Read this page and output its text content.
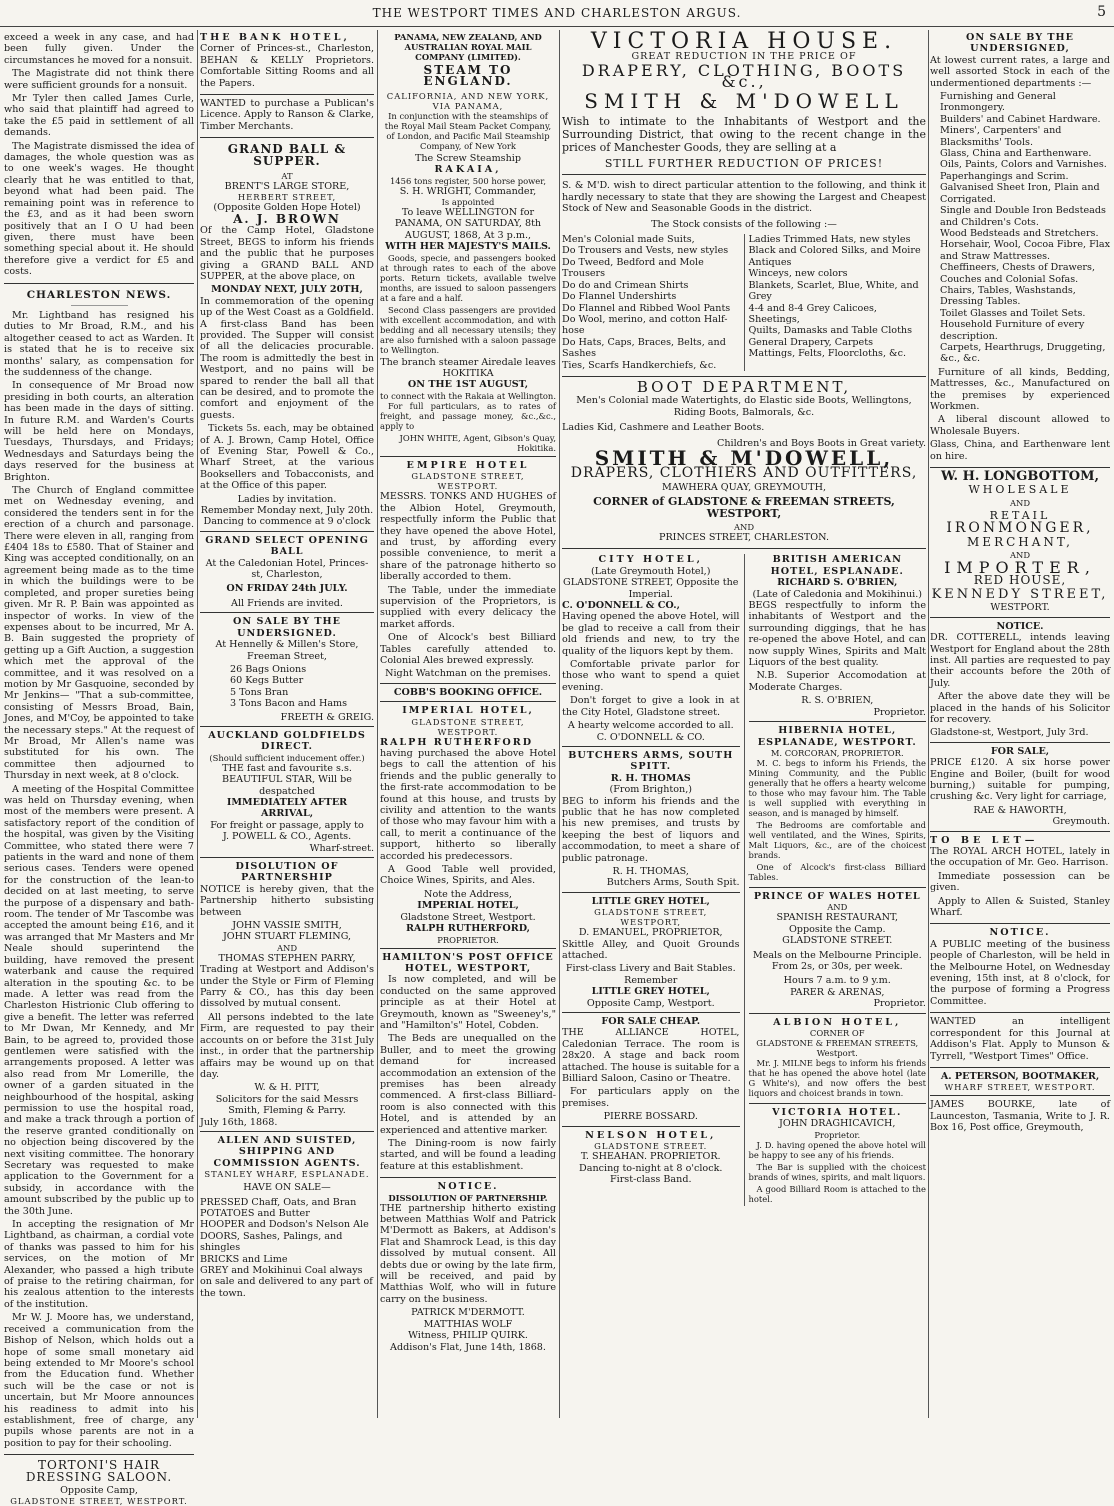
THE WESTPORT TIMES AND CHARLESTON ARGUS.	5

exceed a week in any case, and had been fully given. Under the circumstances he moved for a nonsuit.

The Magistrate did not think there were sufficient grounds for a nonsuit.

Mr Tyler then called James Curle, who said that plaintiff had agreed to take the £5 paid in settlement of all demands.

The Magistrate dismissed the idea of damages, the whole question was as to one week's wages. He thought clearly that he was entitled to that, beyond what had been paid. The remaining point was in reference to the £3, and as it had been sworn positively that an I O U had been given, there must have been something special about it. He should therefore give a verdict for £5 and costs.

CHARLESTON NEWS.

Mr. Lightband has resigned his duties to Mr Broad, R.M., and his altogether ceased to act as Warden. It is stated that he is to receive six months' salary, as compensation for the suddenness of the change.

In consequence of Mr Broad now presiding in both courts, an alteration has been made in the days of sitting. In future R.M. and Warden's Courts will be held here on Mondays, Tuesdays, Thursdays, and Fridays; Wednesdays and Saturdays being the days reserved for the business at Brighton.

The Church of England committee met on Wednesday evening, and considered the tenders sent in for the erection of a church and parsonage. There were eleven in all, ranging from £404 18s to £580. That of Stainer and King was accepted conditionally, on an agreement being made as to the time in which the buildings were to be completed, and proper sureties being given. Mr R. P. Bain was appointed as inspector of works. In view of the expenses about to be incurred, Mr A. B. Bain suggested the propriety of getting up a Gift Auction, a suggestion which met the approval of the committee, and it was resolved on a motion by Mr Gasquoine, seconded by Mr Jenkins— "That a sub-committee, consisting of Messrs Broad, Bain, Jones, and M'Coy, be appointed to take the necessary steps." At the request of Mr Broad, Mr Allen's name was substituted for his own. The committee then adjourned to Thursday in next week, at 8 o'clock.

A meeting of the Hospital Committee was held on Thursday evening, when most of the members were present. A satisfactory report of the condition of the hospital, was given by the Visiting Committee, who stated there were 7 patients in the ward and none of them serious cases. Tenders were opened for the construction of the lean-to decided on at last meeting, to serve the purpose of a dispensary and bath-room. The tender of Mr Tascombe was accepted the amount being £16, and it was arranged that Mr Masters and Mr Neale should superintend the building, have removed the present waterbank and cause the required alteration in the spouting &c. to be made. A letter was read from the Charleston Histrionic Club offering to give a benefit. The letter was referred to Mr Dwan, Mr Kennedy, and Mr Bain, to be agreed to, provided those gentlemen were satisfied with the arrangements proposed. A letter was also read from Mr Lomerille, the owner of a garden situated in the neighbourhood of the hospital, asking permission to use the hospital road, and make a track through a portion of the reserve granted conditionally on no objection being discovered by the next visiting committee. The honorary Secretary was requested to make application to the Government for a subsidy, in accordance with the amount subscribed by the public up to the 30th June.

In accepting the resignation of Mr Lightband, as chairman, a cordial vote of thanks was passed to him for his services, on the motion of Mr Alexander, who passed a high tribute of praise to the retiring chairman, for his zealous attention to the interests of the institution.

Mr W. J. Moore has, we understand, received a communication from the Bishop of Nelson, which holds out a hope of some small monetary aid being extended to Mr Moore's school from the Education fund. Whether such will be the case or not is uncertain, but Mr Moore announces his readiness to admit into his establishment, free of charge, any pupils whose parents are not in a position to pay for their schooling.

TORTONI'S HAIR DRESSING SALOON.
Opposite Camp,
GLADSTONE STREET, WESTPORT.
THE BANK HOTEL,

Corner of Princes-st., Charleston, BEHAN & KELLY Proprietors. Comfortable Sitting Rooms and all the Papers.

WANTED to purchase a Publican's Licence. Apply to Ranson & Clarke, Timber Merchants.

GRAND BALL & SUPPER.
AT
BRENT'S LARGE STORE,
HERBERT STREET,
(Opposite Golden Hope Hotel)
A. J. BROWN

Of the Camp Hotel, Gladstone Street, BEGS to inform his friends and the public that he purposes giving a GRAND BALL AND SUPPER, at the above place, on

MONDAY NEXT, JULY 20TH,

In commemoration of the opening up of the West Coast as a Goldfield. A first-class Band has been provided. The Supper will consist of all the delicacies procurable. The room is admittedly the best in Westport, and no pains will be spared to render the ball all that can be desired, and to promote the comfort and enjoyment of the guests.

Tickets 5s. each, may be obtained of A. J. Brown, Camp Hotel, Office of Evening Star, Powell & Co., Wharf Street, at the various Booksellers and Tobacconists, and at the Office of this paper.

Ladies by invitation.
Remember Monday next, July 20th.
Dancing to commence at 9 o'clock
GRAND SELECT OPENING BALL
At the Caledonian Hotel, Princes-st, Charleston,
ON FRIDAY 24th JULY.
All Friends are invited.
ON SALE BY THE UNDERSIGNED.
At Hennelly & Millen's Store,
Freeman Street,
26 Bags Onions
60 Kegs Butter
5 Tons Bran
3 Tons Bacon and Hams
FREETH & GREIG.
AUCKLAND GOLDFIELDS DIRECT.
(Should sufficient inducement offer.)
THE fast and favourite s.s. BEAUTIFUL STAR, Will be despatched
IMMEDIATELY AFTER ARRIVAL,
For freight or passage, apply to
J. POWELL & CO., Agents.
Wharf-street.
DISOLUTION OF PARTNERSHIP

NOTICE is hereby given, that the Partnership hitherto subsisting between

JOHN VASSIE SMITH,
JOHN STUART FLEMING,
AND
THOMAS STEPHEN PARRY,

Trading at Westport and Addison's under the Style or Firm of Fleming Parry & CO., has this day been dissolved by mutual consent.

All persons indebted to the late Firm, are requested to pay their accounts on or before the 31st July inst., in order that the partnership affairs may be wound up on that day.

W. & H. PITT,
Solicitors for the said Messrs Smith, Fleming & Parry.
July 16th, 1868.
ALLEN AND SUISTED, SHIPPING AND COMMISSION AGENTS.
STANLEY WHARF, ESPLANADE.
HAVE ON SALE—
PRESSED Chaff, Oats, and Bran
POTATOES and Butter
HOOPER and Dodson's Nelson Ale
DOORS, Sashes, Palings, and shingles
BRICKS and Lime
GREY and Mokihinui Coal always on sale and delivered to any part of the town.
PANAMA, NEW ZEALAND, AND AUSTRALIAN ROYAL MAIL COMPANY (LIMITED).
STEAM TO ENGLAND.
CALIFORNIA, AND NEW YORK, VIA PANAMA,

In conjunction with the steamships of the Royal Mail Steam Packet Company, of London, and Pacific Mail Steamship Company, of New York

The Screw Steamship
RAKAIA,
1456 tons register, 500 horse power,
S. H. WRIGHT, Commander,
Is appointed
To leave WELLINGTON for PANAMA, ON SATURDAY, 8th AUGUST, 1868, At 3 p.m.,
WITH HER MAJESTY'S MAILS.

Goods, specie, and passengers booked at through rates to each of the above ports. Return tickets, available twelve months, are issued to saloon passengers at a fare and a half.

Second Class passengers are provided with excellent accommodation, and with bedding and all necessary utensils; they are also furnished with a saloon passage to Wellington.

The branch steamer Airedale leaves HOKITIKA
ON THE 1ST AUGUST,
to connect with the Rakaia at Wellington.

For full particulars, as to rates of freight, and passage money, &c.,&c., apply to

JOHN WHITE, Agent, Gibson's Quay, Hokitika.
EMPIRE HOTEL
GLADSTONE STREET, WESTPORT.

MESSRS. TONKS AND HUGHES of the Albion Hotel, Greymouth, respectfully inform the Public that they have opened the above Hotel, and trust, by affording every possible convenience, to merit a share of the patronage hitherto so liberally accorded to them.

The Table, under the immediate supervision of the Proprietors, is supplied with every delicacy the market affords.

One of Alcock's best Billiard Tables carefully attended to. Colonial Ales brewed expressly.

Night Watchman on the premises.
COBB'S BOOKING OFFICE.
IMPERIAL HOTEL,
GLADSTONE STREET, WESTPORT.
RALPH RUTHERFORD

having purchased the above Hotel begs to call the attention of his friends and the public generally to the first-rate accommodation to be found at this house, and trusts by civility and attention to the wants of those who may favour him with a call, to merit a continuance of the support, hitherto so liberally accorded his predecessors.

A Good Table well provided, Choice Wines, Spirits, and Ales.

Note the Address,
IMPERIAL HOTEL,
Gladstone Street, Westport.
RALPH RUTHERFORD,
PROPRIETOR.
HAMILTON'S POST OFFICE HOTEL, WESTPORT,

Is now completed, and will be conducted on the same approved principle as at their Hotel at Greymouth, known as "Sweeney's," and "Hamilton's" Hotel, Cobden.

The Beds are unequalled on the Buller, and to meet the growing demand for increased accommodation an extension of the premises has been already commenced. A first-class Billiard-room is also connected with this Hotel, and is attended by an experienced and attentive marker.

The Dining-room is now fairly started, and will be found a leading feature at this establishment.

NOTICE.
DISSOLUTION OF PARTNERSHIP.

THE partnership hitherto existing between Matthias Wolf and Patrick M'Dermott as Bakers, at Addison's Flat and Shamrock Lead, is this day dissolved by mutual consent. All debts due or owing by the late firm, will be received, and paid by Matthias Wolf, who will in future carry on the business.

PATRICK M'DERMOTT.
MATTHIAS WOLF
Witness, PHILIP QUIRK.
Addison's Flat, June 14th, 1868.
VICTORIA HOUSE.
GREAT REDUCTION IN THE PRICE OF
DRAPERY, CLOTHING, BOOTS &c.,
SMITH & M'DOWELL

Wish to intimate to the Inhabitants of Westport and the Surrounding District, that owing to the recent change in the prices of Manchester Goods, they are selling at a

STILL FURTHER REDUCTION OF PRICES!

S. & M'D. wish to direct particular attention to the following, and think it hardly necessary to state that they are showing the Largest and Cheapest Stock of New and Seasonable Goods in the district.

The Stock consists of the following :—
Men's Colonial made Suits,
Do Trousers and Vests, new styles
Do Tweed, Bedford and Mole Trousers
Do do and Crimean Shirts
Do Flannel Undershirts
Do Flannel and Ribbed Wool Pants
Do Wool, merino, and cotton Half-hose
Do Hats, Caps, Braces, Belts, and Sashes
Ties, Scarfs Handkerchiefs, &c.
Ladies Trimmed Hats, new styles
Black and Colored Silks, and Moire Antiques
Winceys, new colors
Blankets, Scarlet, Blue, White, and Grey
4-4 and 8-4 Grey Calicoes, Sheetings,
Quilts, Damasks and Table Cloths
General Drapery, Carpets
Mattings, Felts, Floorcloths, &c.
BOOT DEPARTMENT,
Men's Colonial made Watertights, do Elastic side Boots, Wellingtons, Riding Boots, Balmorals, &c.
Ladies Kid, Cashmere and Leather Boots.
Children's and Boys Boots in Great variety.
SMITH & M'DOWELL,
DRAPERS, CLOTHIERS AND OUTFITTERS,
MAWHERA QUAY, GREYMOUTH,
CORNER of GLADSTONE & FREEMAN STREETS, WESTPORT,
AND
PRINCES STREET, CHARLESTON.
CITY HOTEL,
(Late Greymouth Hotel,) GLADSTONE STREET, Opposite the Imperial.
C. O'DONNELL & CO.,

Having opened the above Hotel, will be glad to receive a call from their old friends and new, to try the quality of the liquors kept by them.

Comfortable private parlor for those who want to spend a quiet evening.

Don't forget to give a look in at the City Hotel, Gladstone street.

A hearty welcome accorded to all.
C. O'DONNELL & CO.
BUTCHERS ARMS, SOUTH SPITT.
R. H. THOMAS
(From Brighton,)

BEG to inform his friends and the public that he has now completed his new premises, and trusts by keeping the best of liquors and accommodation, to meet a share of public patronage.

R. H. THOMAS,
Butchers Arms, South Spit.
LITTLE GREY HOTEL,
GLADSTONE STREET, WESTPORT,
D. EMANUEL, PROPRIETOR,

Skittle Alley, and Quoit Grounds attached.

First-class Livery and Bait Stables.
Remember
LITTLE GREY HOTEL,
Opposite Camp, Westport.
FOR SALE CHEAP.

THE ALLIANCE HOTEL, Caledonian Terrace. The room is 28x20. A stage and back room attached. The house is suitable for a Billiard Saloon, Casino or Theatre.

For particulars apply on the premises.

PIERRE BOSSARD.
NELSON HOTEL,
GLADSTONE STREET.
T. SHEAHAN. PROPRIETOR.
Dancing to-night at 8 o'clock.
First-class Band.
BRITISH AMERICAN HOTEL, ESPLANADE.
RICHARD S. O'BRIEN,
(Late of Caledonia and Mokihinui.)

BEGS respectfully to inform the inhabitants of Westport and the surrounding diggings, that he has re-opened the above Hotel, and can now supply Wines, Spirits and Malt Liquors of the best quality.

N.B. Superior Accomodation at Moderate Charges.

R. S. O'BRIEN,
Proprietor.
HIBERNIA HOTEL, ESPLANADE, WESTPORT.
M. CORCORAN, PROPRIETOR.

M. C. begs to inform his Friends, the Mining Community, and the Public generally that he offers a hearty welcome to those who may favour him. The Table is well supplied with everything in season, and is managed by himself.

The Bedrooms are comfortable and well ventilated, and the Wines, Spirits, Malt Liquors, &c., are of the choicest brands.

One of Alcock's first-class Billiard Tables.

PRINCE OF WALES HOTEL
AND
SPANISH RESTAURANT,
Opposite the Camp.
GLADSTONE STREET.
Meals on the Melbourne Principle. From 2s, or 30s, per week.
Hours 7 a.m. to 9 y.m.
PARER & ARENAS,
Proprietor.
ALBION HOTEL,
CORNER OF
GLADSTONE & FREEMAN STREETS, Westport.

Mr. J. MILNE begs to inform his friends that he has opened the above hotel (late G White's), and now offers the best liquors and choicest brands in town.

VICTORIA HOTEL.
JOHN DRAGHICAVICH,
Proprietor.

J. D. having opened the above hotel will be happy to see any of his friends.

The Bar is supplied with the choicest brands of wines, spirits, and malt liquors.

A good Billiard Room is attached to the hotel.

ON SALE BY THE UNDERSIGNED,

At lowest current rates, a large and well assorted Stock in each of the undermentioned departments :—

Furnishing and General Ironmongery.
Builders' and Cabinet Hardware.
Miners', Carpenters' and Blacksmiths' Tools.
Glass, China and Earthenware.
Oils, Paints, Colors and Varnishes.
Paperhangings and Scrim.
Galvanised Sheet Iron, Plain and Corrigated.
Single and Double Iron Bedsteads and Children's Cots.
Wood Bedsteads and Stretchers.
Horsehair, Wool, Cocoa Fibre, Flax and Straw Mattresses.
Cheffineers, Chests of Drawers, Couches and Colonial Sofas.
Chairs, Tables, Washstands, Dressing Tables.
Toilet Glasses and Toilet Sets.
Household Furniture of every description.
Carpets, Hearthrugs, Druggeting, &c., &c.

Furniture of all kinds, Bedding, Mattresses, &c., Manufactured on the premises by experienced Workmen.

A liberal discount allowed to Wholesale Buyers.

Glass, China, and Earthenware lent on hire.

W. H. LONGBOTTOM,
WHOLESALE
AND
RETAIL
IRONMONGER,
MERCHANT,
AND
IMPORTER,
RED HOUSE,
KENNEDY STREET,
WESTPORT.
NOTICE.

DR. COTTERELL, intends leaving Westport for England about the 28th inst. All parties are requested to pay their accounts before the 20th of July.

After the above date they will be placed in the hands of his Solicitor for recovery.

Gladstone-st, Westport, July 3rd.
FOR SALE,

PRICE £120. A six horse power Engine and Boiler, (built for wood burning,) suitable for pumping, crushing &c. Very light for carriage,

RAE & HAWORTH,
Greymouth.
TO BE LET—

The ROYAL ARCH HOTEL, lately in the occupation of Mr. Geo. Harrison.

Immediate possession can be given.

Apply to Allen & Suisted, Stanley Wharf.

NOTICE.

A PUBLIC meeting of the business people of Charleston, will be held in the Melbourne Hotel, on Wednesday evening, 15th inst, at 8 o'clock, for the purpose of forming a Progress Committee.

WANTED an intelligent correspondent for this Journal at Addison's Flat. Apply to Munson & Tyrrell, "Westport Times" Office.

A. PETERSON, BOOTMAKER,
WHARF STREET, WESTPORT.

JAMES BOURKE, late of Launceston, Tasmania, Write to J. R. Box 16, Post office, Greymouth,
